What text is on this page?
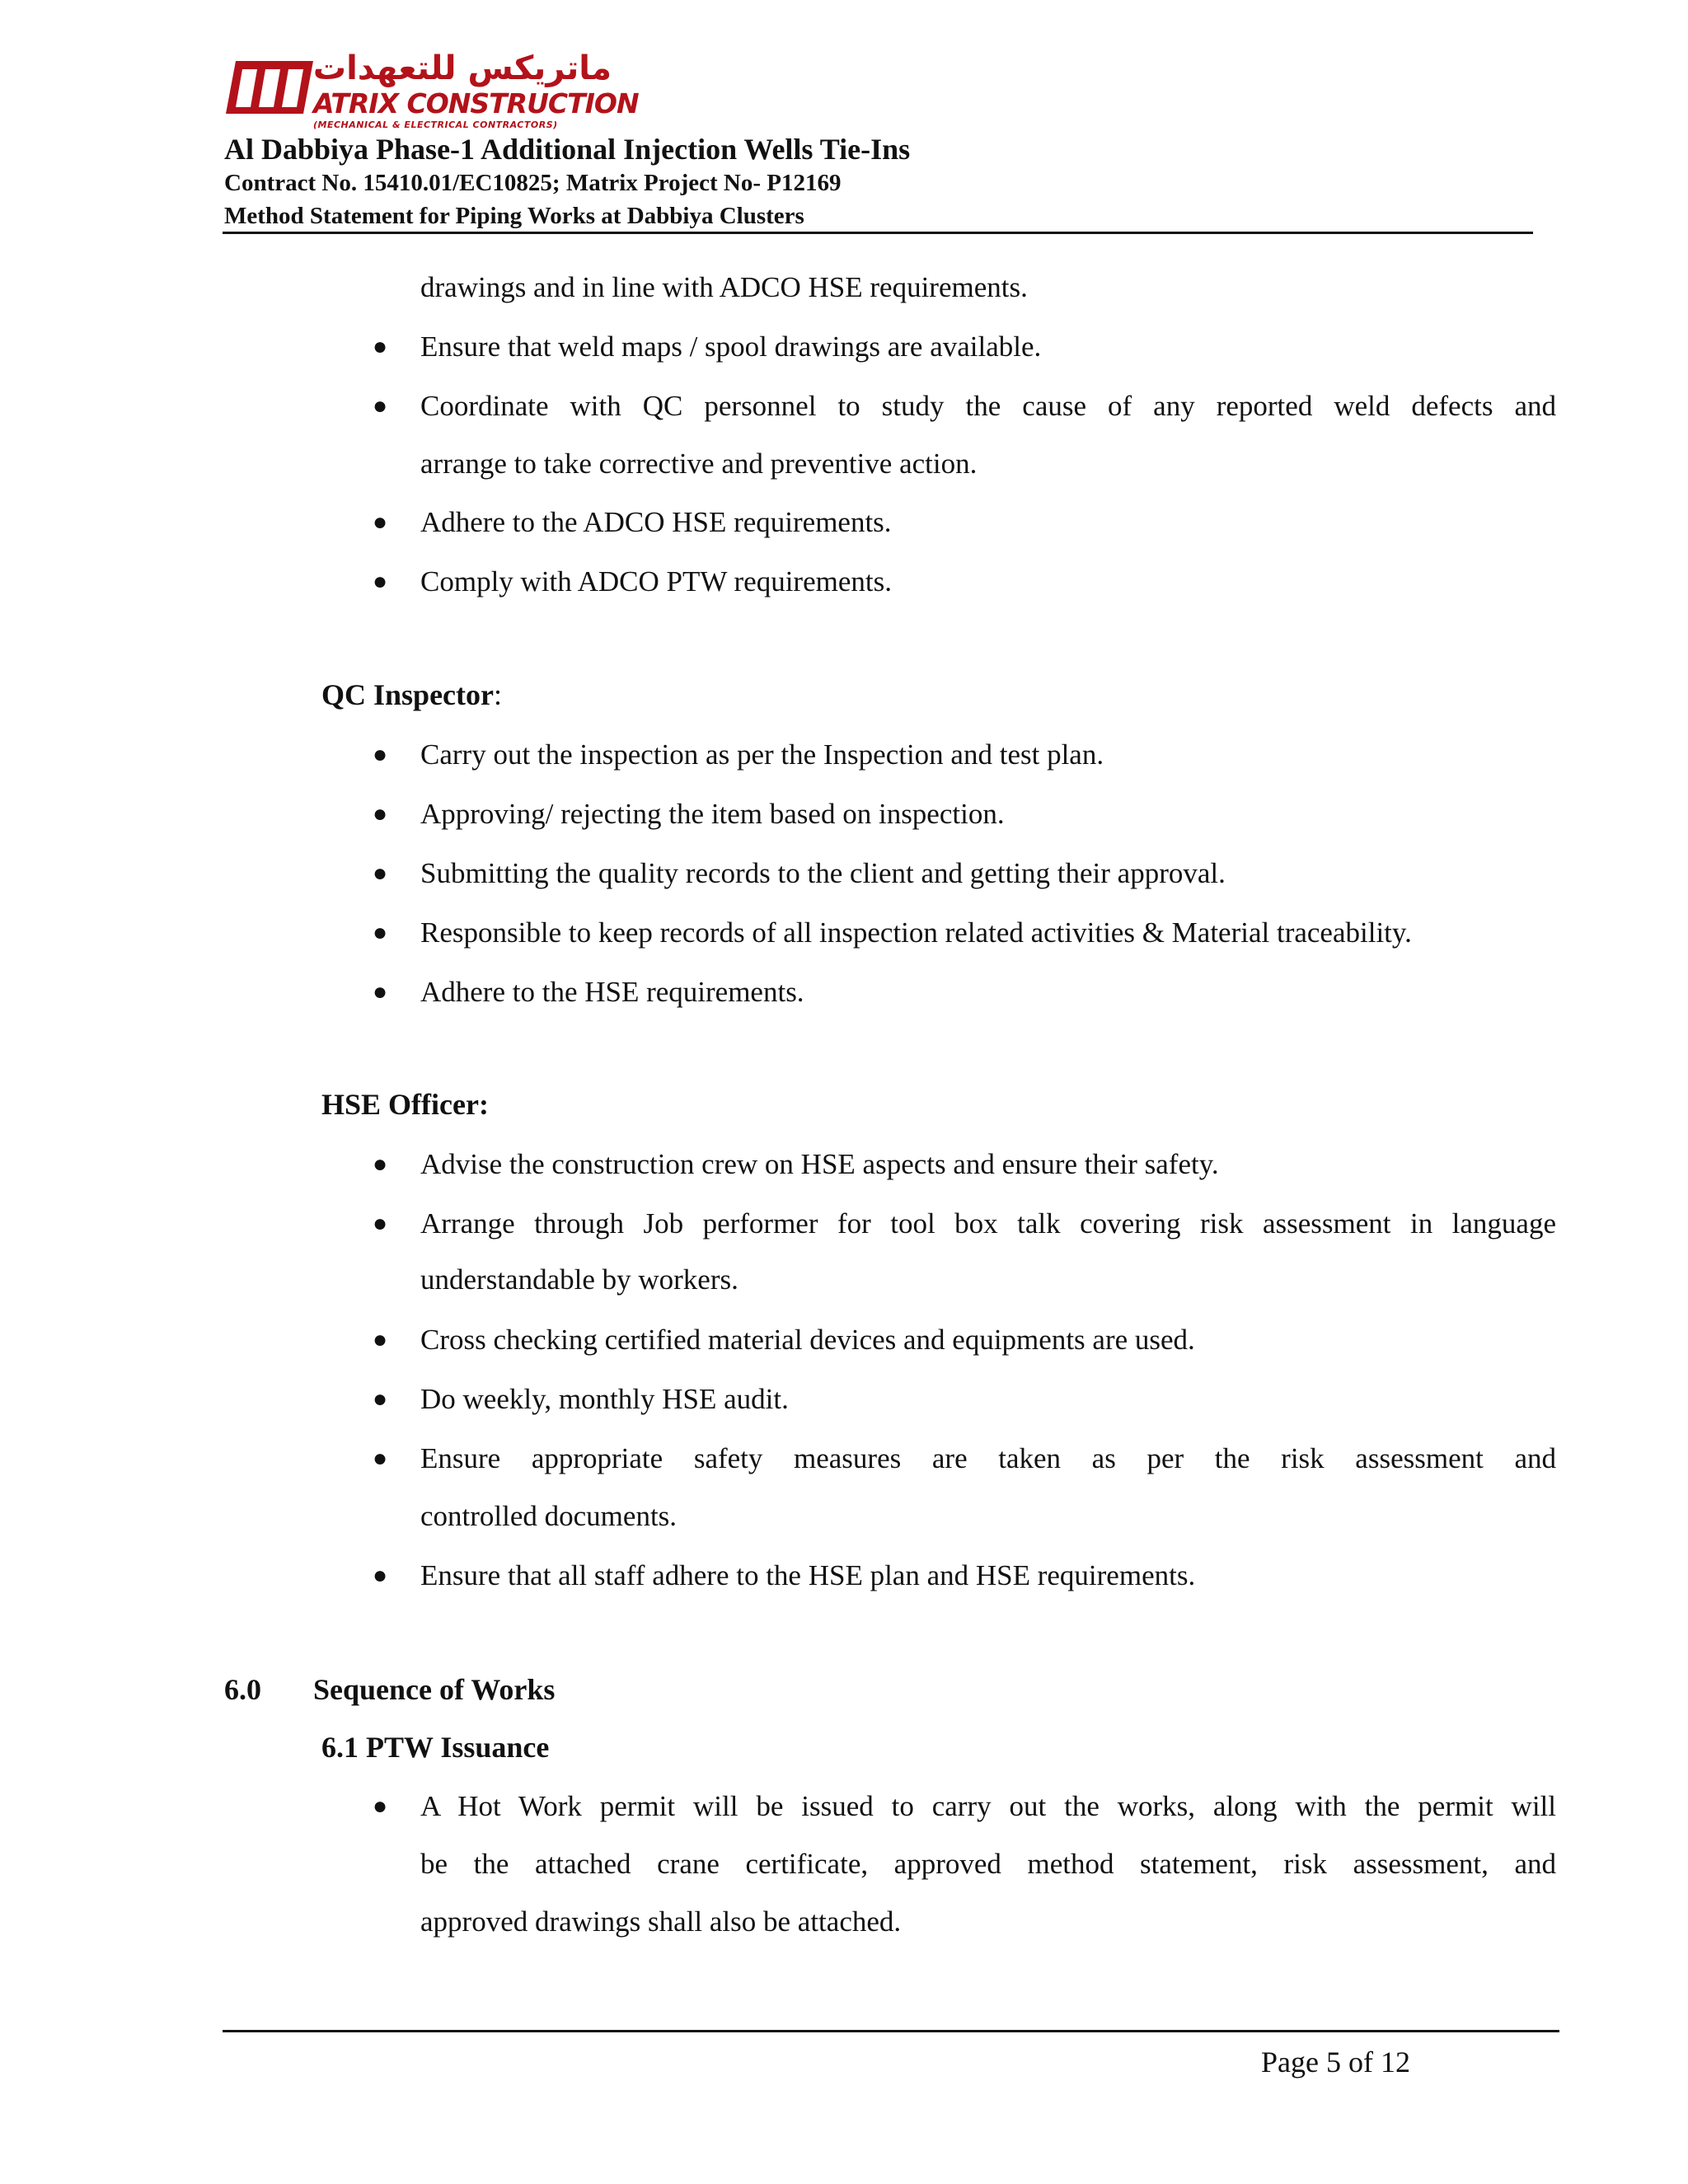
ماتريكس للتعهدات
ATRIX CONSTRUCTION
(MECHANICAL & ELECTRICAL CONTRACTORS)
Al Dabbiya Phase-1 Additional Injection Wells Tie-Ins
Contract No. 15410.01/EC10825; Matrix Project No- P12169
Method Statement for Piping Works at Dabbiya Clusters
drawings and in line with ADCO HSE requirements.
● Ensure that weld maps / spool drawings are available.
● Coordinate with QC personnel to study the cause of any reported weld defects and
arrange to take corrective and preventive action.
● Adhere to the ADCO HSE requirements.
● Comply with ADCO PTW requirements.
QC Inspector:
● Carry out the inspection as per the Inspection and test plan.
● Approving/ rejecting the item based on inspection.
● Submitting the quality records to the client and getting their approval.
● Responsible to keep records of all inspection related activities & Material traceability.
● Adhere to the HSE requirements.
HSE Officer:
● Advise the construction crew on HSE aspects and ensure their safety.
● Arrange through Job performer for tool box talk covering risk assessment in language
understandable by workers.
● Cross checking certified material devices and equipments are used.
● Do weekly, monthly HSE audit.
● Ensure appropriate safety measures are taken as per the risk assessment and
controlled documents.
● Ensure that all staff adhere to the HSE plan and HSE requirements.
6.0 Sequence of Works
6.1 PTW Issuance
● A Hot Work permit will be issued to carry out the works, along with the permit will
be the attached crane certificate, approved method statement, risk assessment, and
approved drawings shall also be attached.
Page 5 of 12
